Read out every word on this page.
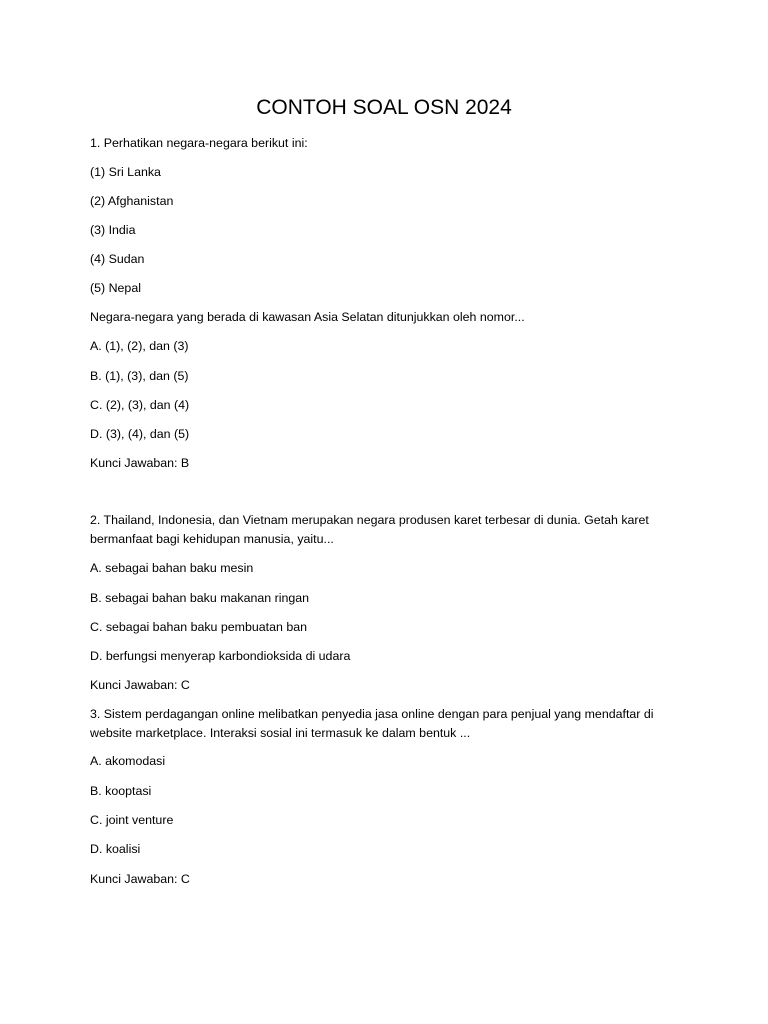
CONTOH SOAL OSN 2024
1. Perhatikan negara-negara berikut ini:
(1) Sri Lanka
(2) Afghanistan
(3) India
(4) Sudan
(5) Nepal
Negara-negara yang berada di kawasan Asia Selatan ditunjukkan oleh nomor...
A. (1), (2), dan (3)
B. (1), (3), dan (5)
C. (2), (3), dan (4)
D. (3), (4), dan (5)
Kunci Jawaban: B
2. Thailand, Indonesia, dan Vietnam merupakan negara produsen karet terbesar di dunia. Getah karet
bermanfaat bagi kehidupan manusia, yaitu...
A. sebagai bahan baku mesin
B. sebagai bahan baku makanan ringan
C. sebagai bahan baku pembuatan ban
D. berfungsi menyerap karbondioksida di udara
Kunci Jawaban: C
3. Sistem perdagangan online melibatkan penyedia jasa online dengan para penjual yang mendaftar di
website marketplace. Interaksi sosial ini termasuk ke dalam bentuk ...
A. akomodasi
B. kooptasi
C. joint venture
D. koalisi
Kunci Jawaban: C
